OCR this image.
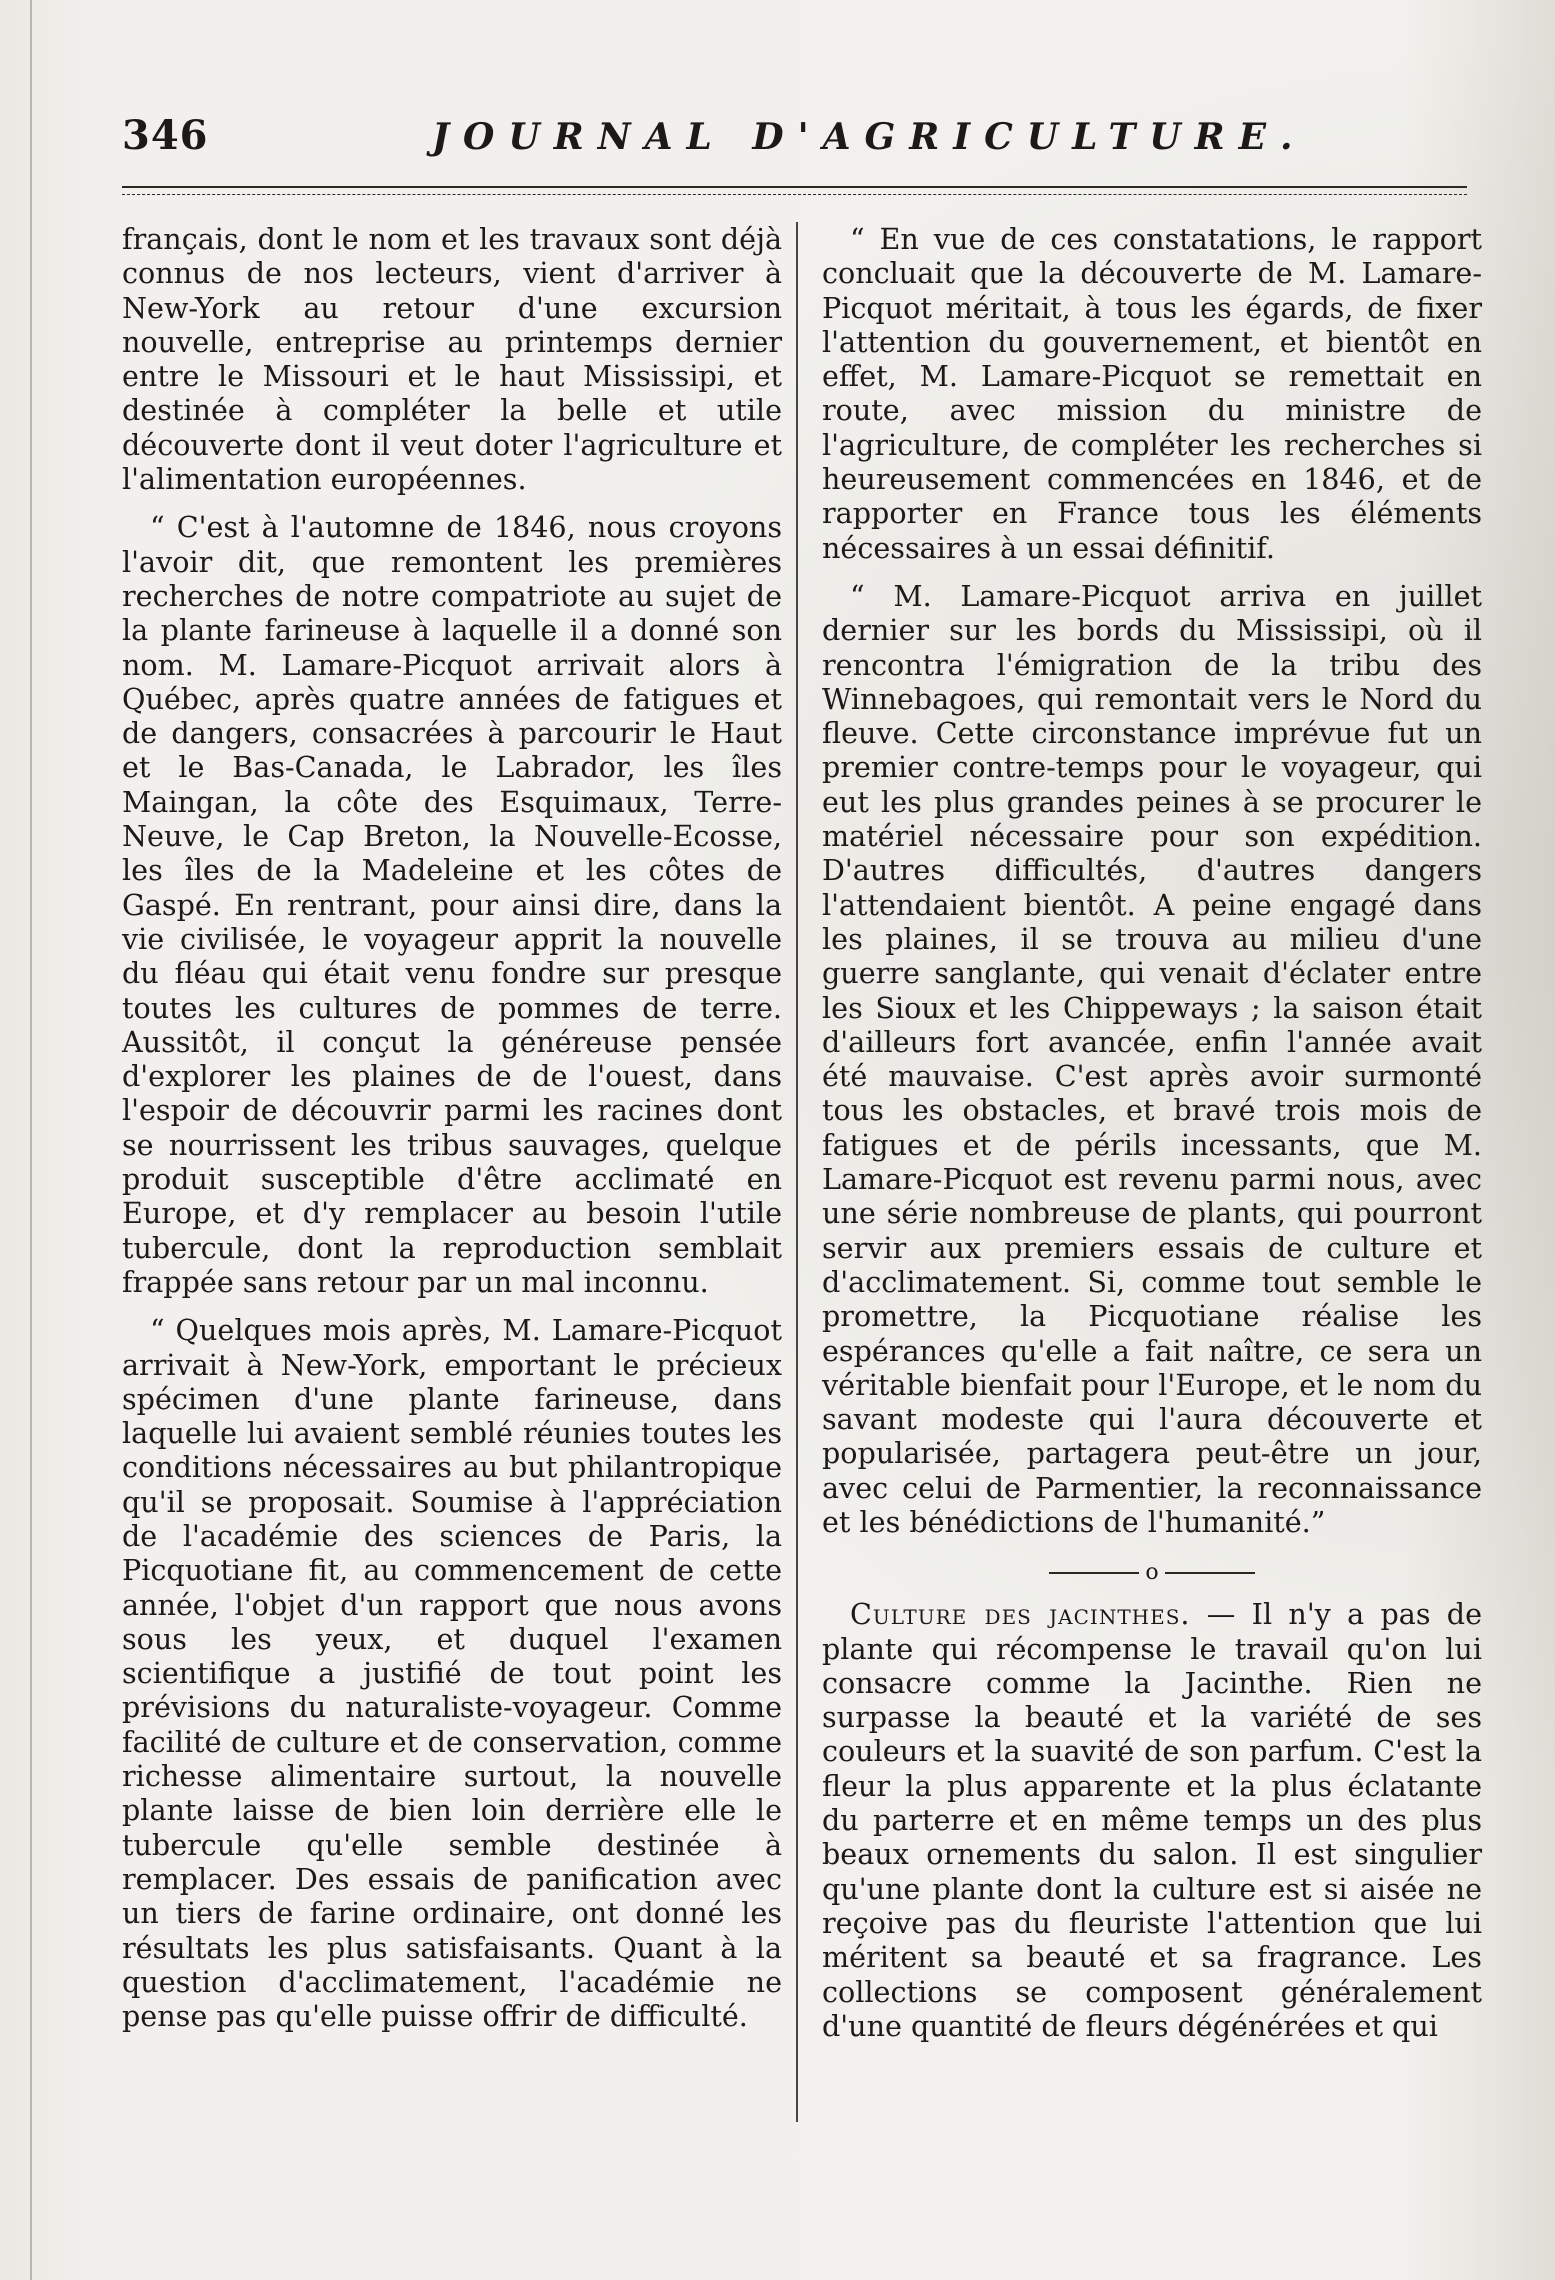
346	JOURNAL D'AGRICULTURE.

français, dont le nom et les travaux sont déjà connus de nos lecteurs, vient d'arriver à New-York au retour d'une excursion nouvelle, entreprise au printemps dernier entre le Missouri et le haut Mississipi, et destinée à compléter la belle et utile découverte dont il veut doter l'agriculture et l'alimentation européennes.

“ C'est à l'automne de 1846, nous croyons l'avoir dit, que remontent les premières recherches de notre compatriote au sujet de la plante farineuse à laquelle il a donné son nom. M. Lamare-Picquot arrivait alors à Québec, après quatre années de fatigues et de dangers, consacrées à parcourir le Haut et le Bas-Canada, le Labrador, les îles Maingan, la côte des Esquimaux, Terre-Neuve, le Cap Breton, la Nouvelle-Ecosse, les îles de la Madeleine et les côtes de Gaspé. En rentrant, pour ainsi dire, dans la vie civilisée, le voyageur apprit la nouvelle du fléau qui était venu fondre sur presque toutes les cultures de pommes de terre. Aussitôt, il conçut la généreuse pensée d'explorer les plaines de de l'ouest, dans l'espoir de découvrir parmi les racines dont se nourrissent les tribus sauvages, quelque produit susceptible d'être acclimaté en Europe, et d'y remplacer au besoin l'utile tubercule, dont la reproduction semblait frappée sans retour par un mal inconnu.

“ Quelques mois après, M. Lamare-Picquot arrivait à New-York, emportant le précieux spécimen d'une plante farineuse, dans laquelle lui avaient semblé réunies toutes les conditions nécessaires au but philantropique qu'il se proposait. Soumise à l'appréciation de l'académie des sciences de Paris, la Picquotiane fit, au commencement de cette année, l'objet d'un rapport que nous avons sous les yeux, et duquel l'examen scientifique a justifié de tout point les prévisions du naturaliste-voyageur. Comme facilité de culture et de conservation, comme richesse alimentaire surtout, la nouvelle plante laisse de bien loin derrière elle le tubercule qu'elle semble destinée à remplacer. Des essais de panification avec un tiers de farine ordinaire, ont donné les résultats les plus satisfaisants. Quant à la question d'acclimatement, l'académie ne pense pas qu'elle puisse offrir de difficulté.

“ En vue de ces constatations, le rapport concluait que la découverte de M. Lamare-Picquot méritait, à tous les égards, de fixer l'attention du gouvernement, et bientôt en effet, M. Lamare-Picquot se remettait en route, avec mission du ministre de l'agriculture, de compléter les recherches si heureusement commencées en 1846, et de rapporter en France tous les éléments nécessaires à un essai définitif.

“ M. Lamare-Picquot arriva en juillet dernier sur les bords du Mississipi, où il rencontra l'émigration de la tribu des Winnebagoes, qui remontait vers le Nord du fleuve. Cette circonstance imprévue fut un premier contre-temps pour le voyageur, qui eut les plus grandes peines à se procurer le matériel nécessaire pour son expédition. D'autres difficultés, d'autres dangers l'attendaient bientôt. A peine engagé dans les plaines, il se trouva au milieu d'une guerre sanglante, qui venait d'éclater entre les Sioux et les Chippeways ; la saison était d'ailleurs fort avancée, enfin l'année avait été mauvaise. C'est après avoir surmonté tous les obstacles, et bravé trois mois de fatigues et de périls incessants, que M. Lamare-Picquot est revenu parmi nous, avec une série nombreuse de plants, qui pourront servir aux premiers essais de culture et d'acclimatement. Si, comme tout semble le promettre, la Picquotiane réalise les espérances qu'elle a fait naître, ce sera un véritable bienfait pour l'Europe, et le nom du savant modeste qui l'aura découverte et popularisée, partagera peut-être un jour, avec celui de Parmentier, la reconnaissance et les bénédictions de l'humanité.”

o

Culture des jacinthes. — Il n'y a pas de plante qui récompense le travail qu'on lui consacre comme la Jacinthe. Rien ne surpasse la beauté et la variété de ses couleurs et la suavité de son parfum. C'est la fleur la plus apparente et la plus éclatante du parterre et en même temps un des plus beaux ornements du salon. Il est singulier qu'une plante dont la culture est si aisée ne reçoive pas du fleuriste l'attention que lui méritent sa beauté et sa fragrance. Les collections se composent généralement d'une quantité de fleurs dégénérées et qui
